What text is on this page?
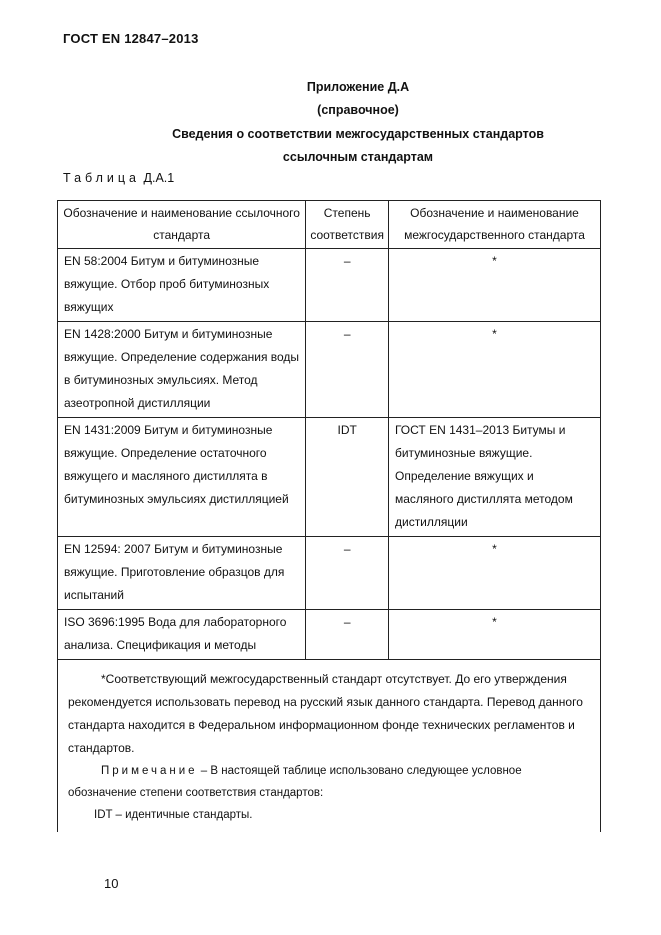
ГОСТ EN 12847–2013
Приложение Д.А
(справочное)
Сведения о соответствии межгосударственных стандартов
ссылочным стандартам
Таблица Д.А.1
Обозначение и наименование ссылочного стандарта	Степень соответствия	Обозначение и наименование межгосударственного стандарта
EN 58:2004 Битум и битуминозные вяжущие. Отбор проб битуминозных вяжущих	–	*
EN 1428:2000 Битум и битуминозные вяжущие. Определение содержания воды в битуминозных эмульсиях. Метод азеотропной дистилляции	–	*
EN 1431:2009 Битум и битуминозные вяжущие. Определение остаточного вяжущего и масляного дистиллята в битуминозных эмульсиях дистилляцией	IDT	ГОСТ EN 1431–2013 Битумы и битуминозные вяжущие. Определение вяжущих и масляного дистиллята методом дистилляции
EN 12594: 2007 Битум и битуминозные вяжущие. Приготовление образцов для испытаний	–	*
ISO 3696:1995 Вода для лабораторного анализа. Спецификация и методы	–	*

*Соответствующий межгосударственный стандарт отсутствует. До его утверждения рекомендуется использовать перевод на русский язык данного стандарта. Перевод данного стандарта находится в Федеральном информационном фонде технических регламентов и стандартов.
Примечание – В настоящей таблице использовано следующее условное обозначение степени соответствия стандартов:
IDT – идентичные стандарты.		
10
